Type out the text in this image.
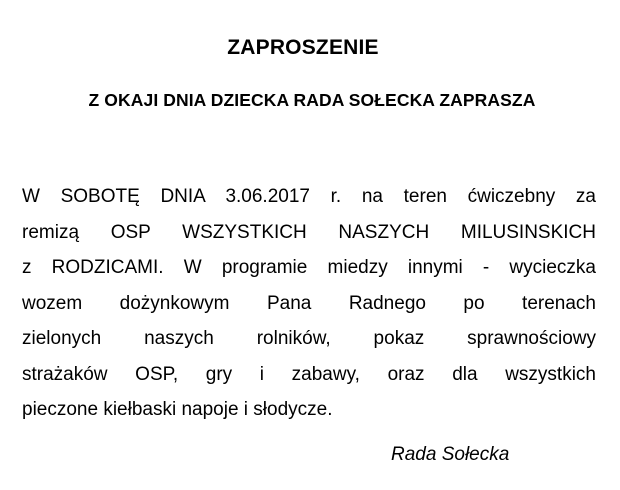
ZAPROSZENIE
Z OKAJI DNIA DZIECKA RADA SOŁECKA ZAPRASZA
W SOBOTĘ DNIA 3.06.2017 r. na teren ćwiczebny za
remizą OSP WSZYSTKICH NASZYCH MILUSINSKICH
z RODZICAMI. W programie miedzy innymi - wycieczka
wozem dożynkowym Pana Radnego po terenach
zielonych naszych rolników, pokaz sprawnościowy
strażaków OSP, gry i zabawy, oraz dla wszystkich
pieczone kiełbaski napoje i słodycze.
Rada Sołecka
